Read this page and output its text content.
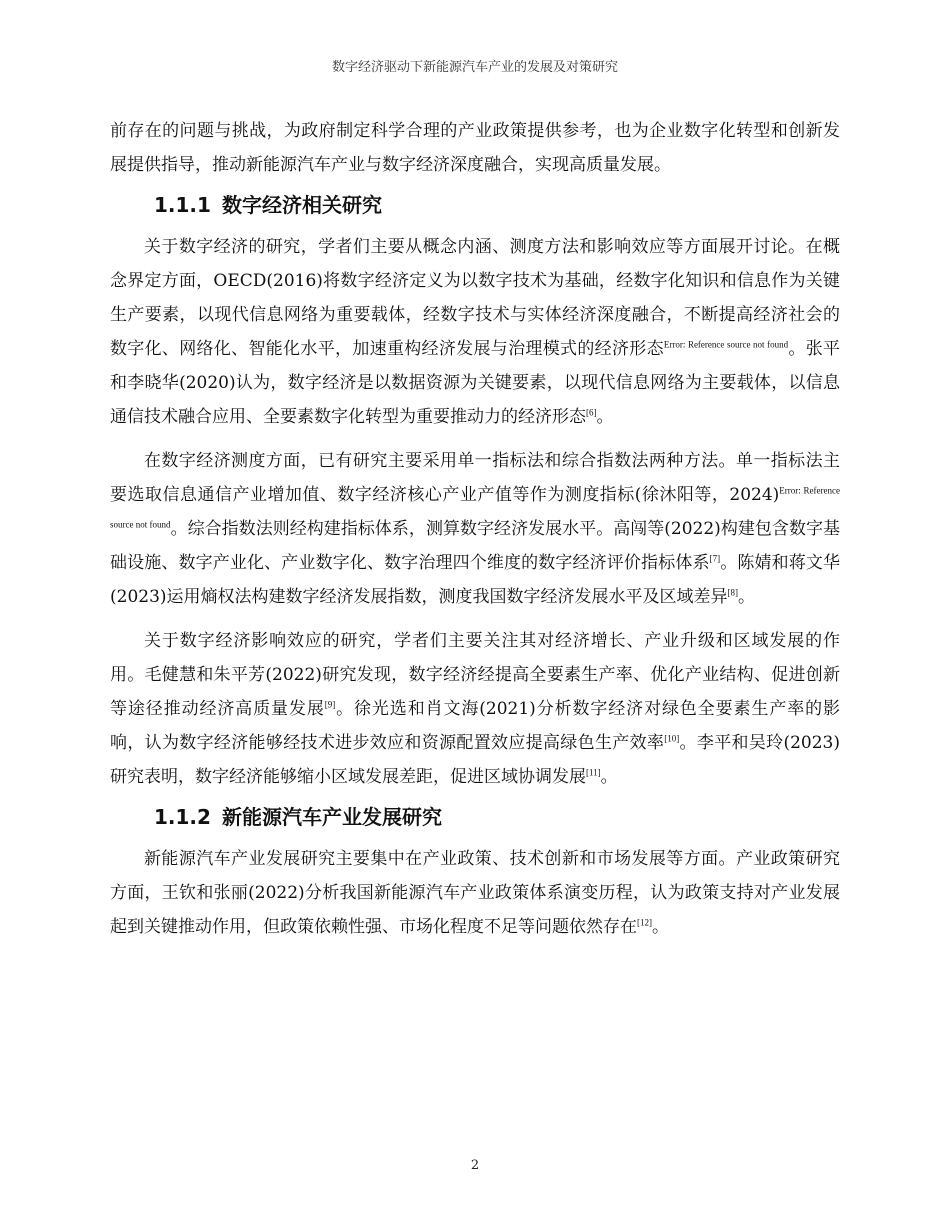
数字经济驱动下新能源汽车产业的发展及对策研究

前存在的问题与挑战，为政府制定科学合理的产业政策提供参考，也为企业数字化转型和创新发展提供指导，推动新能源汽车产业与数字经济深度融合，实现高质量发展。

1.1.1 数字经济相关研究

关于数字经济的研究，学者们主要从概念内涵、测度方法和影响效应等方面展开讨论。在概念界定方面，OECD(2016)将数字经济定义为以数字技术为基础，经数字化知识和信息作为关键生产要素，以现代信息网络为重要载体，经数字技术与实体经济深度融合，不断提高经济社会的数字化、网络化、智能化水平，加速重构经济发展与治理模式的经济形态$^{Error: Reference source not found}$。张平和李晓华(2020)认为，数字经济是以数据资源为关键要素，以现代信息网络为主要载体，以信息通信技术融合应用、全要素数字化转型为重要推动力的经济形态[6]。

在数字经济测度方面，已有研究主要采用单一指标法和综合指数法两种方法。单一指标法主要选取信息通信产业增加值、数字经济核心产业产值等作为测度指标(徐沐阳等，2024)$^{Error: Reference source not found}$。综合指数法则经构建指标体系，测算数字经济发展水平。高闯等(2022)构建包含数字基础设施、数字产业化、产业数字化、数字治理四个维度的数字经济评价指标体系[7]。陈婧和蒋文华(2023)运用熵权法构建数字经济发展指数，测度我国数字经济发展水平及区域差异[8]。

关于数字经济影响效应的研究，学者们主要关注其对经济增长、产业升级和区域发展的作用。毛健慧和朱平芳(2022)研究发现，数字经济经提高全要素生产率、优化产业结构、促进创新等途径推动经济高质量发展[9]。徐光选和肖文海(2021)分析数字经济对绿色全要素生产率的影响，认为数字经济能够经技术进步效应和资源配置效应提高绿色生产效率[10]。李平和吴玲(2023)研究表明，数字经济能够缩小区域发展差距，促进区域协调发展[11]。

1.1.2 新能源汽车产业发展研究

新能源汽车产业发展研究主要集中在产业政策、技术创新和市场发展等方面。产业政策研究方面，王钦和张丽(2022)分析我国新能源汽车产业政策体系演变历程，认为政策支持对产业发展起到关键推动作用，但政策依赖性强、市场化程度不足等问题依然存在[12]。

2
